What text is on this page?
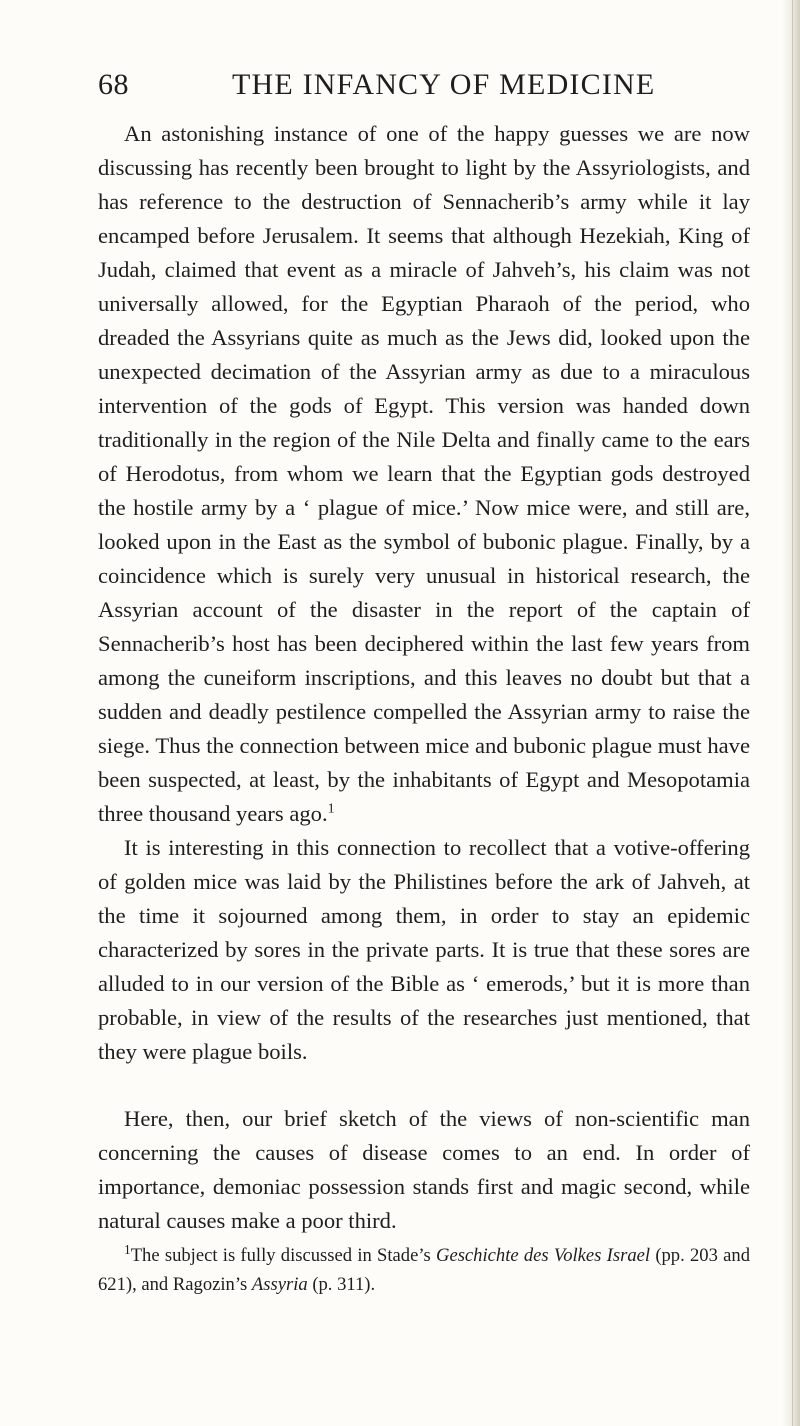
68	THE INFANCY OF MEDICINE

An astonishing instance of one of the happy guesses we are now discussing has recently been brought to light by the Assyriologists, and has reference to the destruction of Sennacherib’s army while it lay encamped before Jerusalem. It seems that although Hezekiah, King of Judah, claimed that event as a miracle of Jahveh’s, his claim was not universally allowed, for the Egyptian Pharaoh of the period, who dreaded the Assyrians quite as much as the Jews did, looked upon the unexpected decimation of the Assyrian army as due to a miraculous intervention of the gods of Egypt. This version was handed down traditionally in the region of the Nile Delta and finally came to the ears of Herodotus, from whom we learn that the Egyptian gods destroyed the hostile army by a ‘ plague of mice.’ Now mice were, and still are, looked upon in the East as the symbol of bubonic plague. Finally, by a coincidence which is surely very unusual in historical research, the Assyrian account of the disaster in the report of the captain of Sennacherib’s host has been deciphered within the last few years from among the cuneiform inscriptions, and this leaves no doubt but that a sudden and deadly pestilence compelled the Assyrian army to raise the siege. Thus the connection between mice and bubonic plague must have been suspected, at least, by the inhabitants of Egypt and Mesopotamia three thousand years ago.$^1$

It is interesting in this connection to recollect that a votive-offering of golden mice was laid by the Philistines before the ark of Jahveh, at the time it sojourned among them, in order to stay an epidemic characterized by sores in the private parts. It is true that these sores are alluded to in our version of the Bible as ‘ emerods,’ but it is more than probable, in view of the results of the researches just mentioned, that they were plague boils.

Here, then, our brief sketch of the views of non-scientific man concerning the causes of disease comes to an end. In order of importance, demoniac possession stands first and magic second, while natural causes make a poor third.

$^1$The subject is fully discussed in Stade’s Geschichte des Volkes Israel (pp. 203 and 621), and Ragozin’s Assyria (p. 311).
